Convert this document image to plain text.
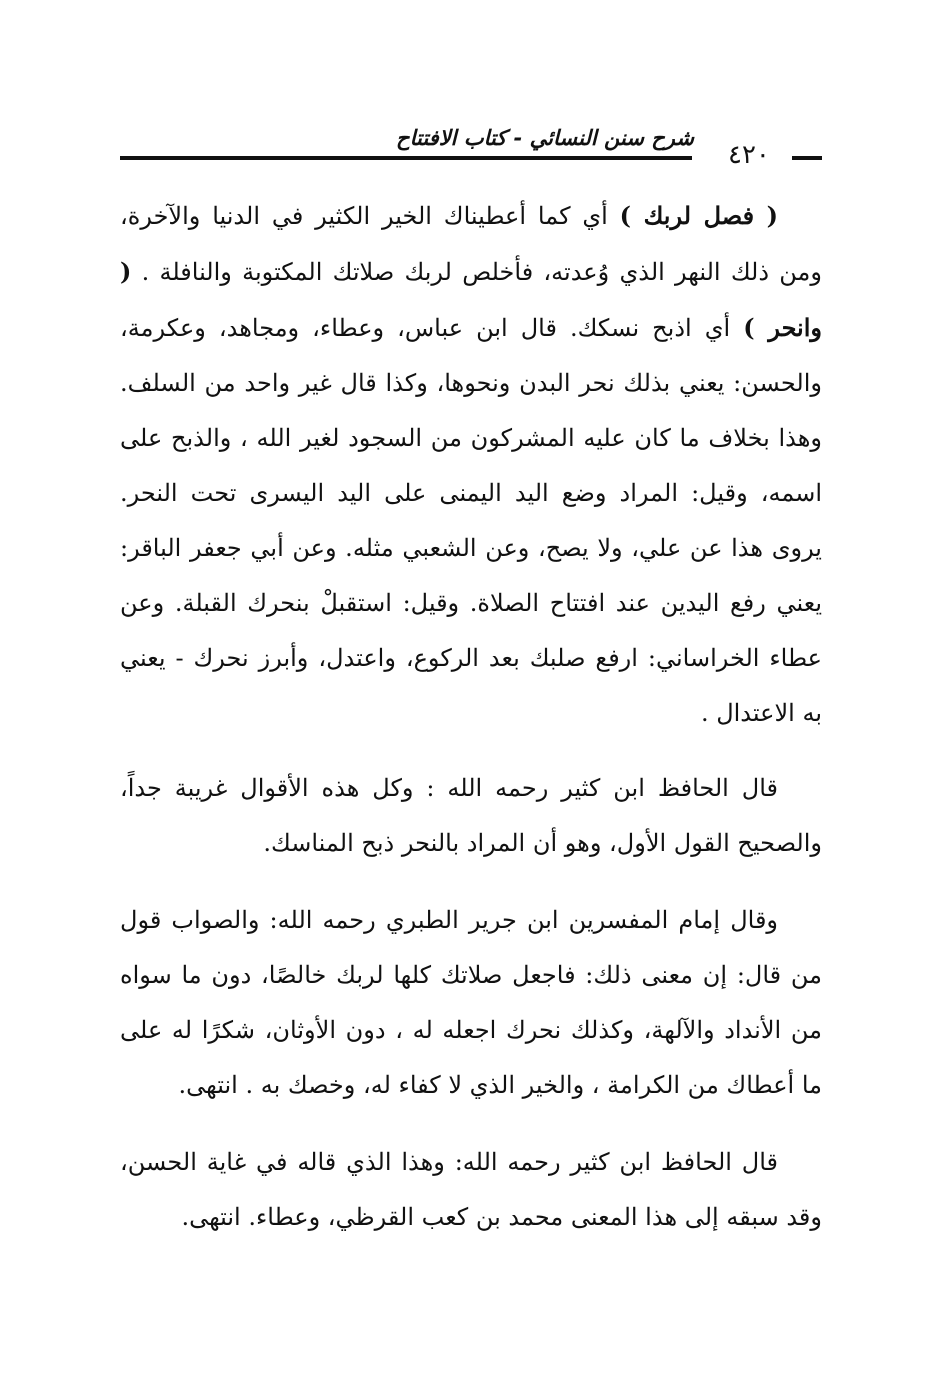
شرح سنن النسائي - كتاب الافتتاح
٤٢٠

( فصل لربك ) أي كما أعطيناك الخير الكثير في الدنيا والآخرة، ومن ذلك النهر الذي وُعدته، فأخلص لربك صلاتك المكتوبة والنافلة . ( وانحر ) أي اذبح نسكك. قال ابن عباس، وعطاء، ومجاهد، وعكرمة، والحسن: يعني بذلك نحر البدن ونحوها، وكذا قال غير واحد من السلف. وهذا بخلاف ما كان عليه المشركون من السجود لغير الله ، والذبح على اسمه، وقيل: المراد وضع اليد اليمنى على اليد اليسرى تحت النحر. يروى هذا عن علي، ولا يصح، وعن الشعبي مثله. وعن أبي جعفر الباقر: يعني رفع اليدين عند افتتاح الصلاة. وقيل: استقبلْ بنحرك القبلة. وعن عطاء الخراساني: ارفع صلبك بعد الركوع، واعتدل، وأبرز نحرك - يعني به الاعتدال .

قال الحافظ ابن كثير رحمه الله : وكل هذه الأقوال غريبة جداً، والصحيح القول الأول، وهو أن المراد بالنحر ذبح المناسك.

وقال إمام المفسرين ابن جرير الطبري رحمه الله: والصواب قول من قال: إن معنى ذلك: فاجعل صلاتك كلها لربك خالصًا، دون ما سواه من الأنداد والآلهة، وكذلك نحرك اجعله له ، دون الأوثان، شكرًا له على ما أعطاك من الكرامة ، والخير الذي لا كفاء له، وخصك به . انتهى.

قال الحافظ ابن كثير رحمه الله: وهذا الذي قاله في غاية الحسن، وقد سبقه إلى هذا المعنى محمد بن كعب القرظي، وعطاء. انتهى.
